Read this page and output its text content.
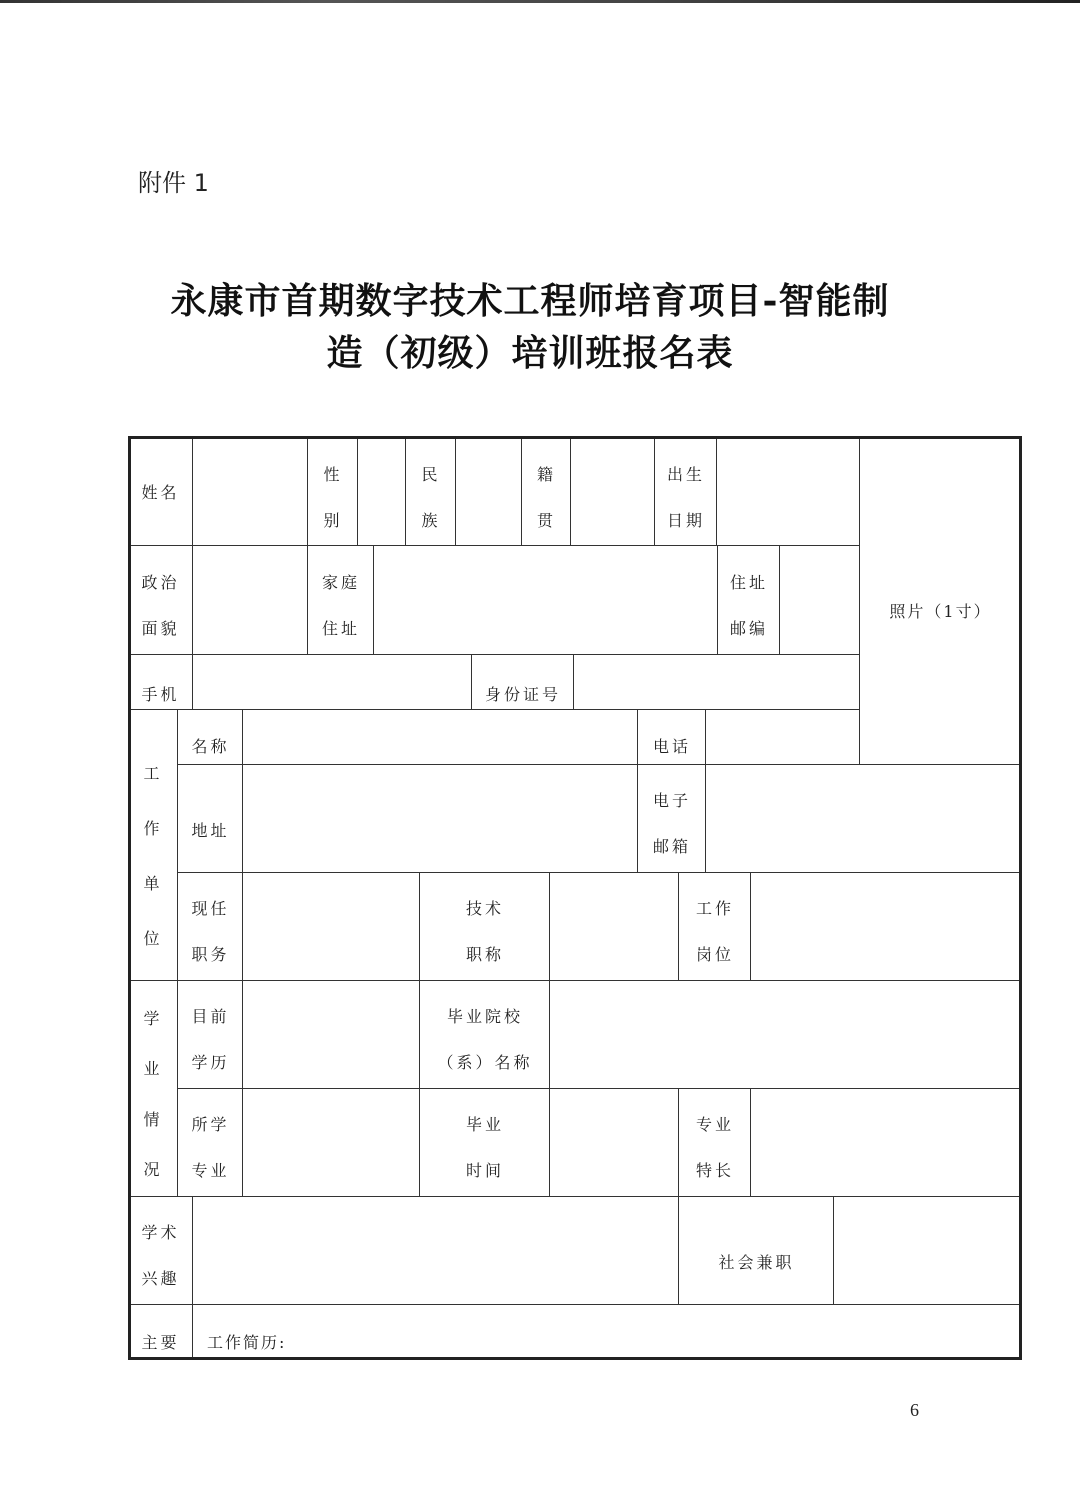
附件 1
永康市首期数字技术工程师培育项目-智能制
造（初级）培训班报名表
姓名
性
别
民
族
籍
贯
出生
日期
照片（1寸）
政治
面貌
家庭
住址
住址
邮编
手机	身份证号
工
作
单
位
名称	电话
地址
电子
邮箱
现任
职务
技术
职称
工作
岗位
学
业
情
况
目前
学历
毕业院校
（系）名称
所学
专业
毕业
时间
专业
特长
学术
兴趣
社会兼职
主要 工作简历:
6
